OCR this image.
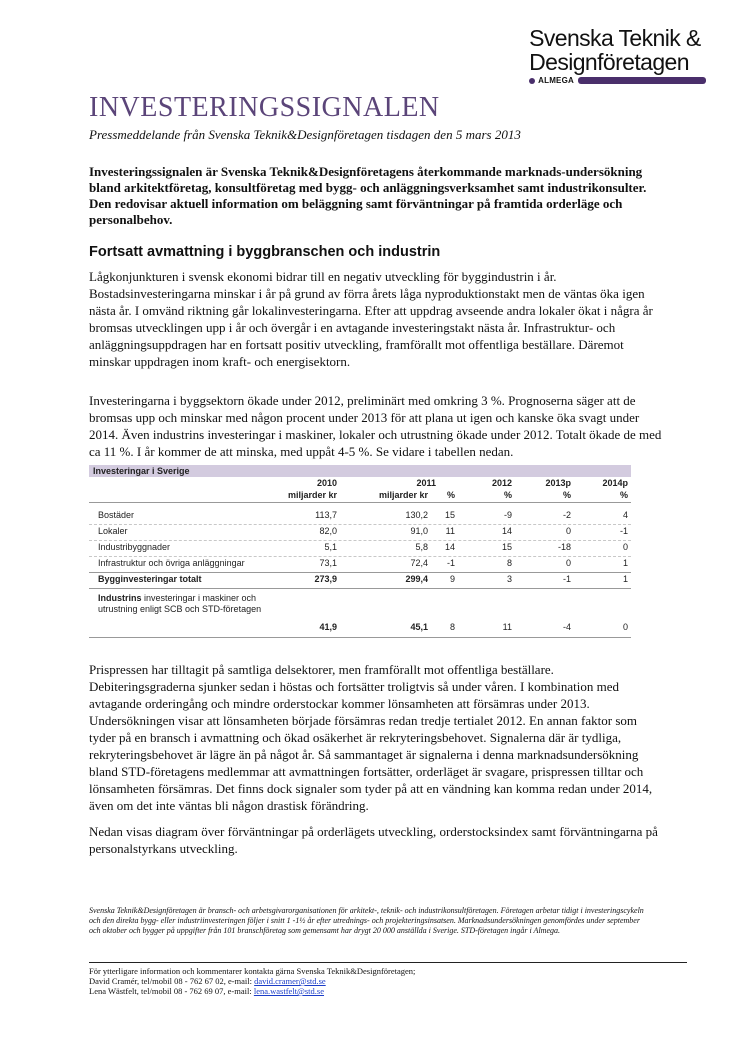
Svenska Teknik &
Designföretagen
ALMEGA
INVESTERINGSSIGNALEN
Pressmeddelande från Svenska Teknik&Designföretagen tisdagen den 5 mars 2013
Investeringssignalen är Svenska Teknik&Designföretagens återkommande marknads-undersökning bland arkitektföretag, konsultföretag med bygg- och anläggningsverksamhet samt industrikonsulter. Den redovisar aktuell information om beläggning samt förväntningar på framtida orderläge och personalbehov.
Fortsatt avmattning i byggbranschen och industrin
Lågkonjunkturen i svensk ekonomi bidrar till en negativ utveckling för byggindustrin i år. Bostadsinvesteringarna minskar i år på grund av förra årets låga nyproduktionstakt men de väntas öka igen nästa år. I omvänd riktning går lokalinvesteringarna. Efter att uppdrag avseende andra lokaler ökat i några år bromsas utvecklingen upp i år och övergår i en avtagande investeringstakt nästa år. Infrastruktur- och anläggningsuppdragen har en fortsatt positiv utveckling, framförallt mot offentliga beställare. Däremot minskar uppdragen inom kraft- och energisektorn.
Investeringarna i byggsektorn ökade under 2012, preliminärt med omkring 3 %. Prognoserna säger att de bromsas upp och minskar med någon procent under 2013 för att plana ut igen och kanske öka svagt under 2014. Även industrins investeringar i maskiner, lokaler och utrustning ökade under 2012. Totalt ökade de med ca 11 %. I år kommer de att minska, med uppåt 4-5 %. Se vidare i tabellen nedan.
Investeringar i Sverige
2010	2011	2012	2013p	2014p
miljarder kr	miljarder kr %	%	%	%
Bostäder	113,7	130,2 15	-9	-2	4
Lokaler	82,0	91,0 11	14	0	-1
Industribyggnader	5,1	5,8 14	15	-18	0
Infrastruktur och övriga anläggningar	73,1	72,4 -1	8	0	1
Bygginvesteringar totalt	273,9	299,4 9	3	-1	1
Industrins investeringar i maskiner och utrustning enligt SCB och STD-företagen
41,9	45,1 8	11	-4	0
Prispressen har tilltagit på samtliga delsektorer, men framförallt mot offentliga beställare. Debiteringsgraderna sjunker sedan i höstas och fortsätter troligtvis så under våren. I kombination med avtagande orderingång och mindre orderstockar kommer lönsamheten att försämras under 2013. Undersökningen visar att lönsamheten började försämras redan tredje tertialet 2012. En annan faktor som tyder på en bransch i avmattning och ökad osäkerhet är rekryteringsbehovet. Signalerna där är tydliga, rekryteringsbehovet är lägre än på något år. Så sammantaget är signalerna i denna marknadsundersökning bland STD-företagens medlemmar att avmattningen fortsätter, orderläget är svagare, prispressen tilltar och lönsamheten försämras. Det finns dock signaler som tyder på att en vändning kan komma redan under 2014, även om det inte väntas bli någon drastisk förändring.
Nedan visas diagram över förväntningar på orderlägets utveckling, orderstocksindex samt förväntningarna på personalstyrkans utveckling.
Svenska Teknik&Designföretagen är bransch- och arbetsgivarorganisationen för arkitekt-, teknik- och industrikonsultföretagen. Företagen arbetar tidigt i investeringscykeln och den direkta bygg- eller industriinvesteringen följer i snitt 1 -1½ år efter utrednings- och projekteringsinsatsen. Marknadsundersökningen genomfördes under september och oktober och bygger på uppgifter från 101 branschföretag som gemensamt har drygt 20 000 anställda i Sverige. STD-företagen ingår i Almega.
För ytterligare information och kommentarer kontakta gärna Svenska Teknik&Designföretagen;
David Cramér, tel/mobil 08 - 762 67 02, e-mail: david.cramer@std.se
Lena Wästfelt, tel/mobil 08 - 762 69 07, e-mail: lena.wastfelt@std.se
